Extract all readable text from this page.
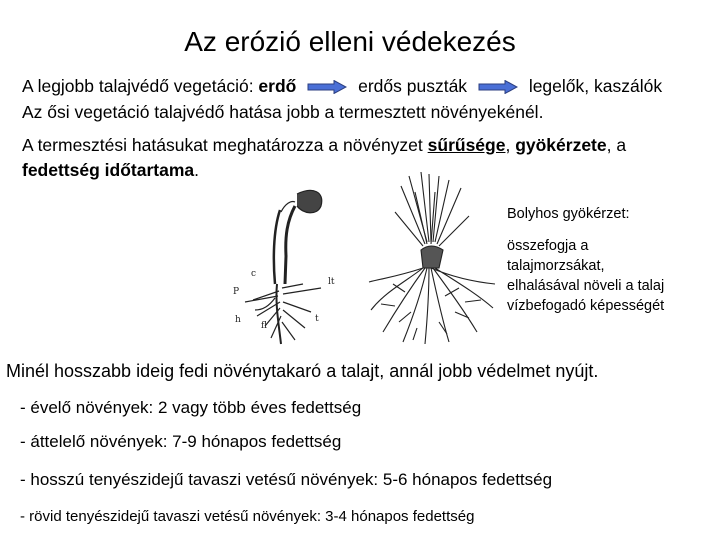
Az erózió elleni védekezés
A legjobb talajvédő vegetáció: erdő	erdős puszták	legelők, kaszálók
Az ősi vegetáció talajvédő hatása jobb a termesztett növényekénél.
A termesztési hatásukat meghatározza a növényzet sűrűsége, gyökérzete, a
fedettség időtartama.
c
P
lt
h
fl
t
Bolyhos gyökérzet:
összefogja a
talajmorzsákat,
elhalásával növeli a talaj
vízbefogadó képességét
Minél hosszabb ideig fedi növénytakaró a talajt, annál jobb védelmet nyújt.
- évelő növények: 2 vagy több éves fedettség
- áttelelő növények: 7-9 hónapos fedettség
- hosszú tenyészidejű tavaszi vetésű növények: 5-6 hónapos fedettség
- rövid tenyészidejű tavaszi vetésű növények: 3-4 hónapos fedettség
